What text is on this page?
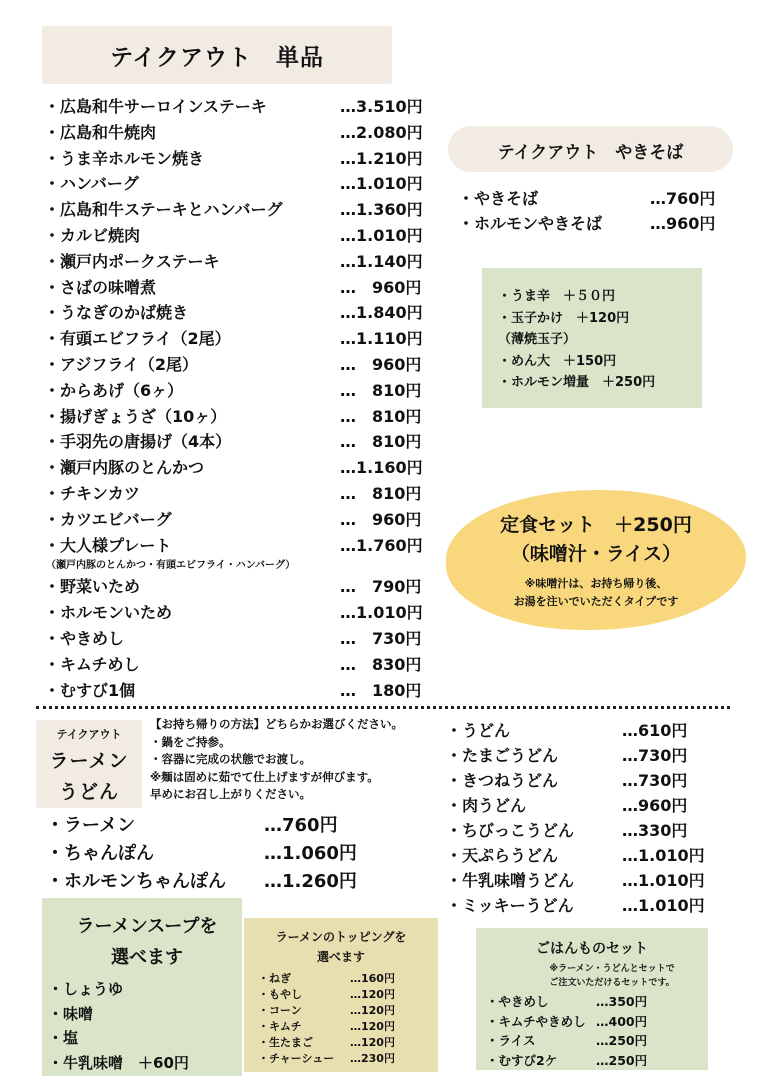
テイクアウト　単品
・広島和牛サーロインステーキ	…3.510円
・広島和牛焼肉	…2.080円
・うま辛ホルモン焼き	…1.210円
・ハンバーグ	…1.010円
・広島和牛ステーキとハンバーグ	…1.360円
・カルビ焼肉	…1.010円
・瀬戸内ポークステーキ	…1.140円
・さばの味噌煮	…　960円
・うなぎのかば焼き	…1.840円
・有頭エビフライ（2尾）	…1.110円
・アジフライ（2尾）	…　960円
・からあげ（6ヶ）	…　810円
・揚げぎょうざ（10ヶ）	…　810円
・手羽先の唐揚げ（4本）	…　810円
・瀬戸内豚のとんかつ	…1.160円
・チキンカツ	…　810円
・カツエビバーグ	…　960円
・大人様プレート	…1.760円
（瀬戸内豚のとんかつ・有頭エビフライ・ハンバーグ）
・野菜いため	…　790円
・ホルモンいため	…1.010円
・やきめし	…　730円
・キムチめし	…　830円
・むすび1個	…　180円
テイクアウト　やきそば
・やきそば	…760円
・ホルモンやきそば	…960円
・うま辛　＋５０円
・玉子かけ　＋120円
（薄焼玉子）
・めん大　＋150円
・ホルモン増量　＋250円
定食セット　＋250円
（味噌汁・ライス）
※味噌汁は、お持ち帰り後、
お湯を注いでいただくタイプです
テイクアウト
ラーメン
うどん
【お持ち帰りの方法】どちらかお選びください。
・鍋をご持参。
・容器に完成の状態でお渡し。
※麺は固めに茹でて仕上げますが伸びます。
早めにお召し上がりください。
・ラーメン	…760円
・ちゃんぽん	…1.060円
・ホルモンちゃんぽん …1.260円
・うどん	…610円
・たまごうどん	…730円
・きつねうどん	…730円
・肉うどん	…960円
・ちびっこうどん	…330円
・天ぷらうどん	…1.010円
・牛乳味噌うどん	…1.010円
・ミッキーうどん	…1.010円
ラーメンスープを
選べます
・しょうゆ
・味噌
・塩
・牛乳味噌　＋60円
ラーメンのトッピングを
選べます
・ねぎ	…160円
・もやし	…120円
・コーン	…120円
・キムチ	…120円
・生たまご	…120円
・チャーシュー …230円
ごはんものセット
※ラーメン・うどんとセットで
ご注文いただけるセットです。
・やきめし	…350円
・キムチやきめし …400円
・ライス	…250円
・むすび2ケ	…250円
